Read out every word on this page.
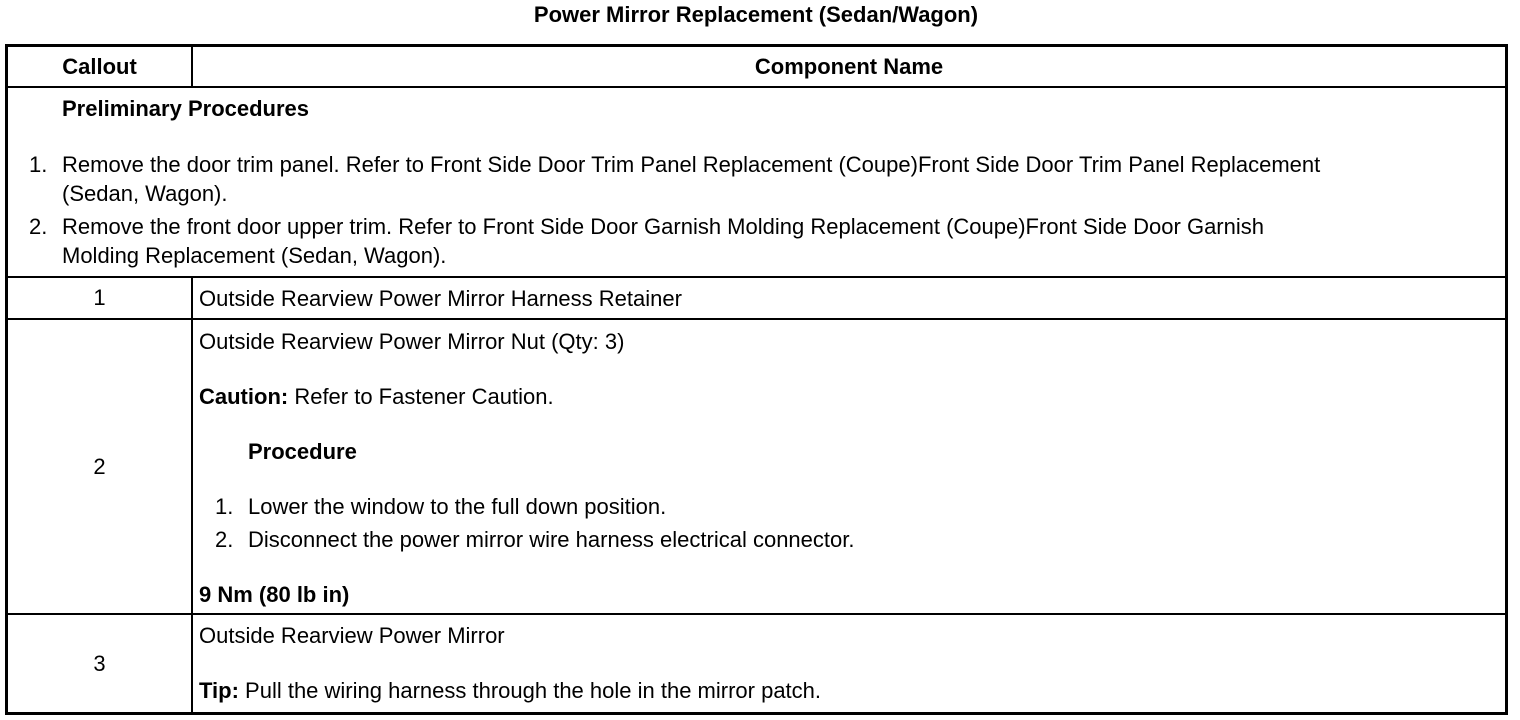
Power Mirror Replacement (Sedan/Wagon)
Callout	Component Name
Preliminary Procedures
1. Remove the door trim panel. Refer to Front Side Door Trim Panel Replacement (Coupe)Front Side Door Trim Panel Replacement
(Sedan, Wagon).
2. Remove the front door upper trim. Refer to Front Side Door Garnish Molding Replacement (Coupe)Front Side Door Garnish
Molding Replacement (Sedan, Wagon).
1	Outside Rearview Power Mirror Harness Retainer
2
Outside Rearview Power Mirror Nut (Qty: 3)
Caution: Refer to Fastener Caution.
Procedure
1. Lower the window to the full down position.
2. Disconnect the power mirror wire harness electrical connector.
9 Nm (80 lb in)
3
Outside Rearview Power Mirror
Tip: Pull the wiring harness through the hole in the mirror patch.
